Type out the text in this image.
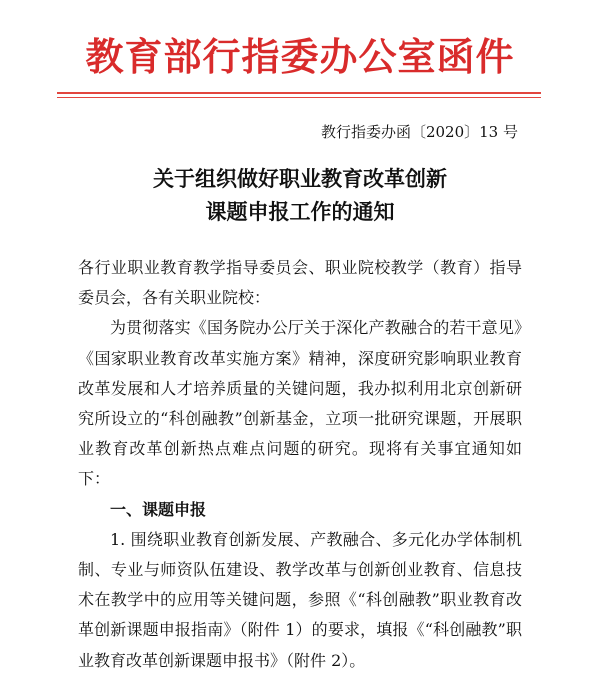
教育部行指委办公室函件
教行指委办函〔2020〕13 号
关于组织做好职业教育改革创新
课题申报工作的通知

各行业职业教育教学指导委员会、职业院校教学（教育）指导委员会，各有关职业院校：

为贯彻落实《国务院办公厅关于深化产教融合的若干意见》《国家职业教育改革实施方案》精神，深度研究影响职业教育改革发展和人才培养质量的关键问题，我办拟利用北京创新研究所设立的“科创融教”创新基金，立项一批研究课题，开展职业教育改革创新热点难点问题的研究。现将有关事宜通知如下：

一、课题申报

1. 围绕职业教育创新发展、产教融合、多元化办学体制机制、专业与师资队伍建设、教学改革与创新创业教育、信息技术在教学中的应用等关键问题，参照《“科创融教”职业教育改革创新课题申报指南》（附件 1）的要求，填报《“科创融教”职业教育改革创新课题申报书》（附件 2）。
